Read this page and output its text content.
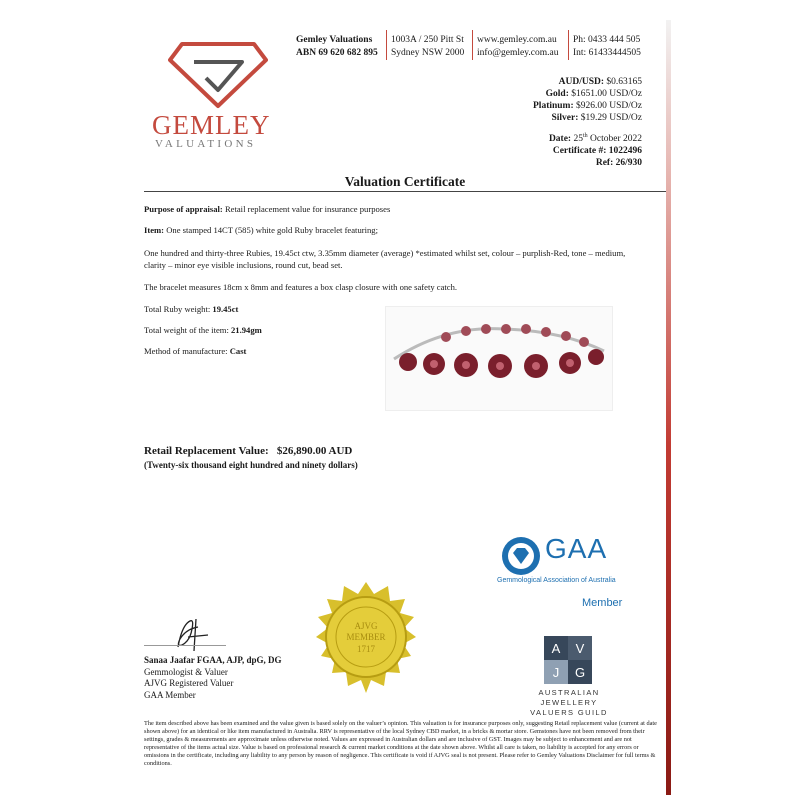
GEMLEY
VALUATIONS
Gemley Valuations
ABN 69 620 682 895
1003A / 250 Pitt St
Sydney NSW 2000
www.gemley.com.au
info@gemley.com.au
Ph: 0433 444 505
Int: 61433444505
AUD/USD: $0.63165
Gold: $1651.00 USD/Oz
Platinum: $926.00 USD/Oz
Silver: $19.29 USD/Oz
Date: 25th October 2022
Certificate #: 1022496
Ref: 26/930
Valuation Certificate
Purpose of appraisal: Retail replacement value for insurance purposes
Item: One stamped 14CT (585) white gold Ruby bracelet featuring;
One hundred and thirty-three Rubies, 19.45ct ctw, 3.35mm diameter (average) *estimated whilst set, colour – purplish-Red, tone – medium, clarity – minor eye visible inclusions, round cut, bead set.
The bracelet measures 18cm x 8mm and features a box clasp closure with one safety catch.
Total Ruby weight: 19.45ct
Total weight of the item: 21.94gm
Method of manufacture: Cast
Retail Replacement Value: $26,890.00 AUD
(Twenty-six thousand eight hundred and ninety dollars)
GAA
Gemmological Association of Australia
Member
AJVG
MEMBER
1717	A V
J G
AUSTRALIAN JEWELLERY
VALUERS GUILD
Sanaa Jaafar FGAA, AJP, dpG, DG
Gemmologist & Valuer
AJVG Registered Valuer
GAA Member
The item described above has been examined and the value given is based solely on the valuer’s opinion. This valuation is for insurance purposes only, suggesting Retail replacement value (current at date shown above) for an identical or like item manufactured in Australia. RRV is representative of the local Sydney CBD market, in a bricks & mortar store. Gemstones have not been removed from their settings, grades & measurements are approximate unless otherwise noted. Values are expressed in Australian dollars and are inclusive of GST. Images may be subject to enhancement and are not representative of the items actual size. Value is based on professional research & current market conditions at the date shown above. Whilst all care is taken, no liability is accepted for any errors or omissions in the certificate, including any liability to any person by reason of negligence. This certificate is void if AJVG seal is not present. Please refer to Gemley Valuations Disclaimer for full terms & conditions.
